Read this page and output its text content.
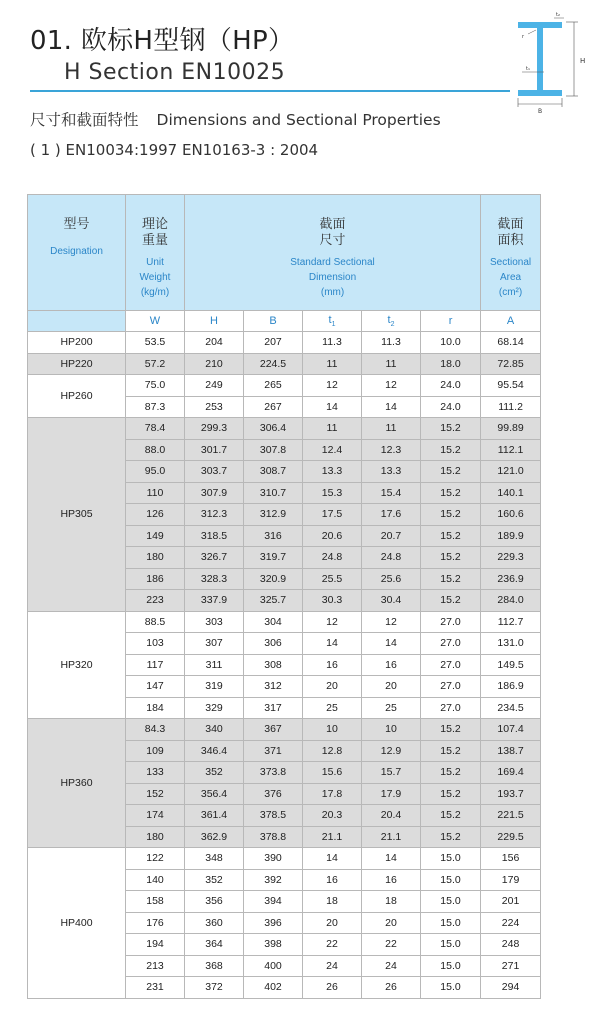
01. 欧标H型钢（HP）
H Section EN10025	H
B
t₂
t₁
r
尺寸和截面特性 Dimensions and Sectional Properties
( 1 ) EN10034:1997 EN10163-3 : 2004
型号
Designation	理论重量
Unit
Weight
(kg/m)	截面尺寸
Standard Sectional
Dimension
(mm)					截面面积
Sectional
Area
(cm²)

	W	H	B	$t_1$	$t_2$	r	A
HP200	53.5	204	207	11.3	11.3	10.0	68.14
HP220	57.2	210	224.5	11	11	18.0	72.85
HP260	75.0	249	265	12	12	24.0	95.54
	87.3	253	267	14	14	24.0	111.2
HP305	78.4	299.3	306.4	11	11	15.2	99.89
	88.0	301.7	307.8	12.4	12.3	15.2	112.1
	95.0	303.7	308.7	13.3	13.3	15.2	121.0
	110	307.9	310.7	15.3	15.4	15.2	140.1
	126	312.3	312.9	17.5	17.6	15.2	160.6
	149	318.5	316	20.6	20.7	15.2	189.9
	180	326.7	319.7	24.8	24.8	15.2	229.3
	186	328.3	320.9	25.5	25.6	15.2	236.9
	223	337.9	325.7	30.3	30.4	15.2	284.0
HP320	88.5	303	304	12	12	27.0	112.7
	103	307	306	14	14	27.0	131.0
	117	311	308	16	16	27.0	149.5
	147	319	312	20	20	27.0	186.9
	184	329	317	25	25	27.0	234.5
HP360	84.3	340	367	10	10	15.2	107.4
	109	346.4	371	12.8	12.9	15.2	138.7
	133	352	373.8	15.6	15.7	15.2	169.4
	152	356.4	376	17.8	17.9	15.2	193.7
	174	361.4	378.5	20.3	20.4	15.2	221.5
	180	362.9	378.8	21.1	21.1	15.2	229.5
HP400	122	348	390	14	14	15.0	156
	140	352	392	16	16	15.0	179
	158	356	394	18	18	15.0	201
	176	360	396	20	20	15.0	224
	194	364	398	22	22	15.0	248
	213	368	400	24	24	15.0	271
	231	372	402	26	26	15.0	294
